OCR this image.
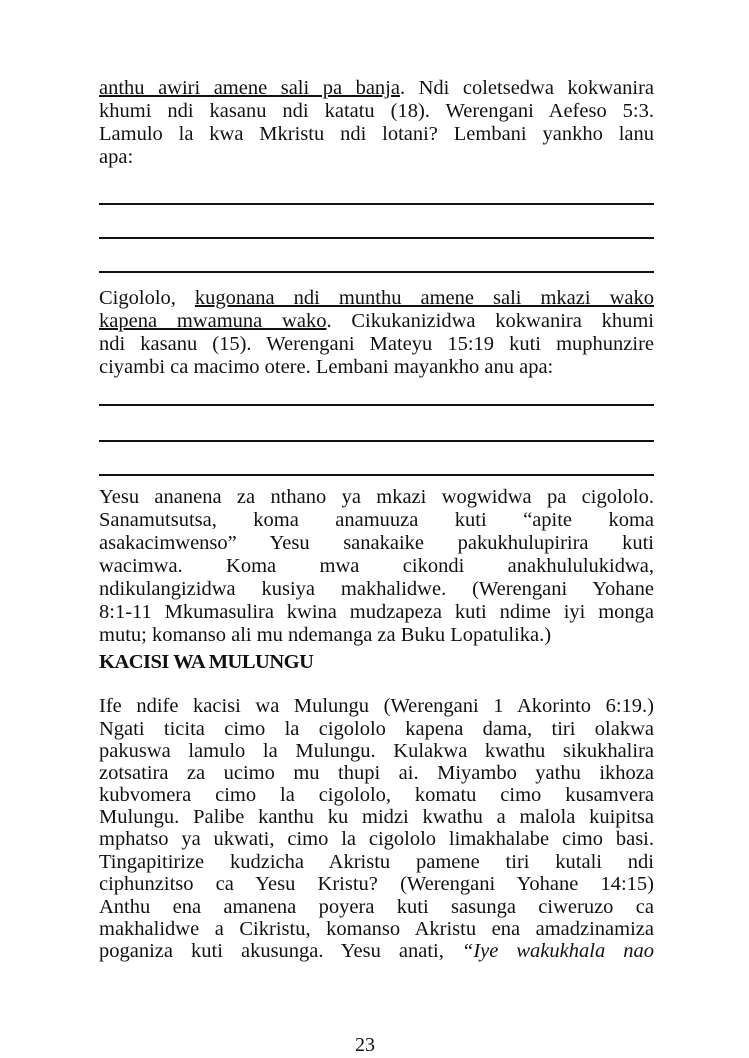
anthu awiri amene sali pa banja. Ndi coletsedwa kokwanira
khumi ndi kasanu ndi katatu (18). Werengani Aefeso 5:3.
Lamulo la kwa Mkristu ndi lotani? Lembani yankho lanu
apa:
Cigololo, kugonana ndi munthu amene sali mkazi wako
kapena mwamuna wako. Cikukanizidwa kokwanira khumi
ndi kasanu (15). Werengani Mateyu 15:19 kuti muphunzire
ciyambi ca macimo otere. Lembani mayankho anu apa:
Yesu ananena za nthano ya mkazi wogwidwa pa cigololo.
Sanamutsutsa, koma anamuuza kuti “apite koma
asakacimwenso” Yesu sanakaike pakukhulupirira kuti
wacimwa. Koma mwa cikondi anakhululukidwa,
ndikulangizidwa kusiya makhalidwe. (Werengani Yohane
8:1-11 Mkumasulira kwina mudzapeza kuti ndime iyi monga
mutu; komanso ali mu ndemanga za Buku Lopatulika.)
KACISI WA MULUNGU
Ife ndife kacisi wa Mulungu (Werengani 1 Akorinto 6:19.)
Ngati ticita cimo la cigololo kapena dama, tiri olakwa
pakuswa lamulo la Mulungu. Kulakwa kwathu sikukhalira
zotsatira za ucimo mu thupi ai. Miyambo yathu ikhoza
kubvomera cimo la cigololo, komatu cimo kusamvera
Mulungu. Palibe kanthu ku midzi kwathu a malola kuipitsa
mphatso ya ukwati, cimo la cigololo limakhalabe cimo basi.
Tingapitirize kudzicha Akristu pamene tiri kutali ndi
ciphunzitso ca Yesu Kristu? (Werengani Yohane 14:15)
Anthu ena amanena poyera kuti sasunga ciweruzo ca
makhalidwe a Cikristu, komanso Akristu ena amadzinamiza
poganiza kuti akusunga. Yesu anati, “Iye wakukhala nao
23
